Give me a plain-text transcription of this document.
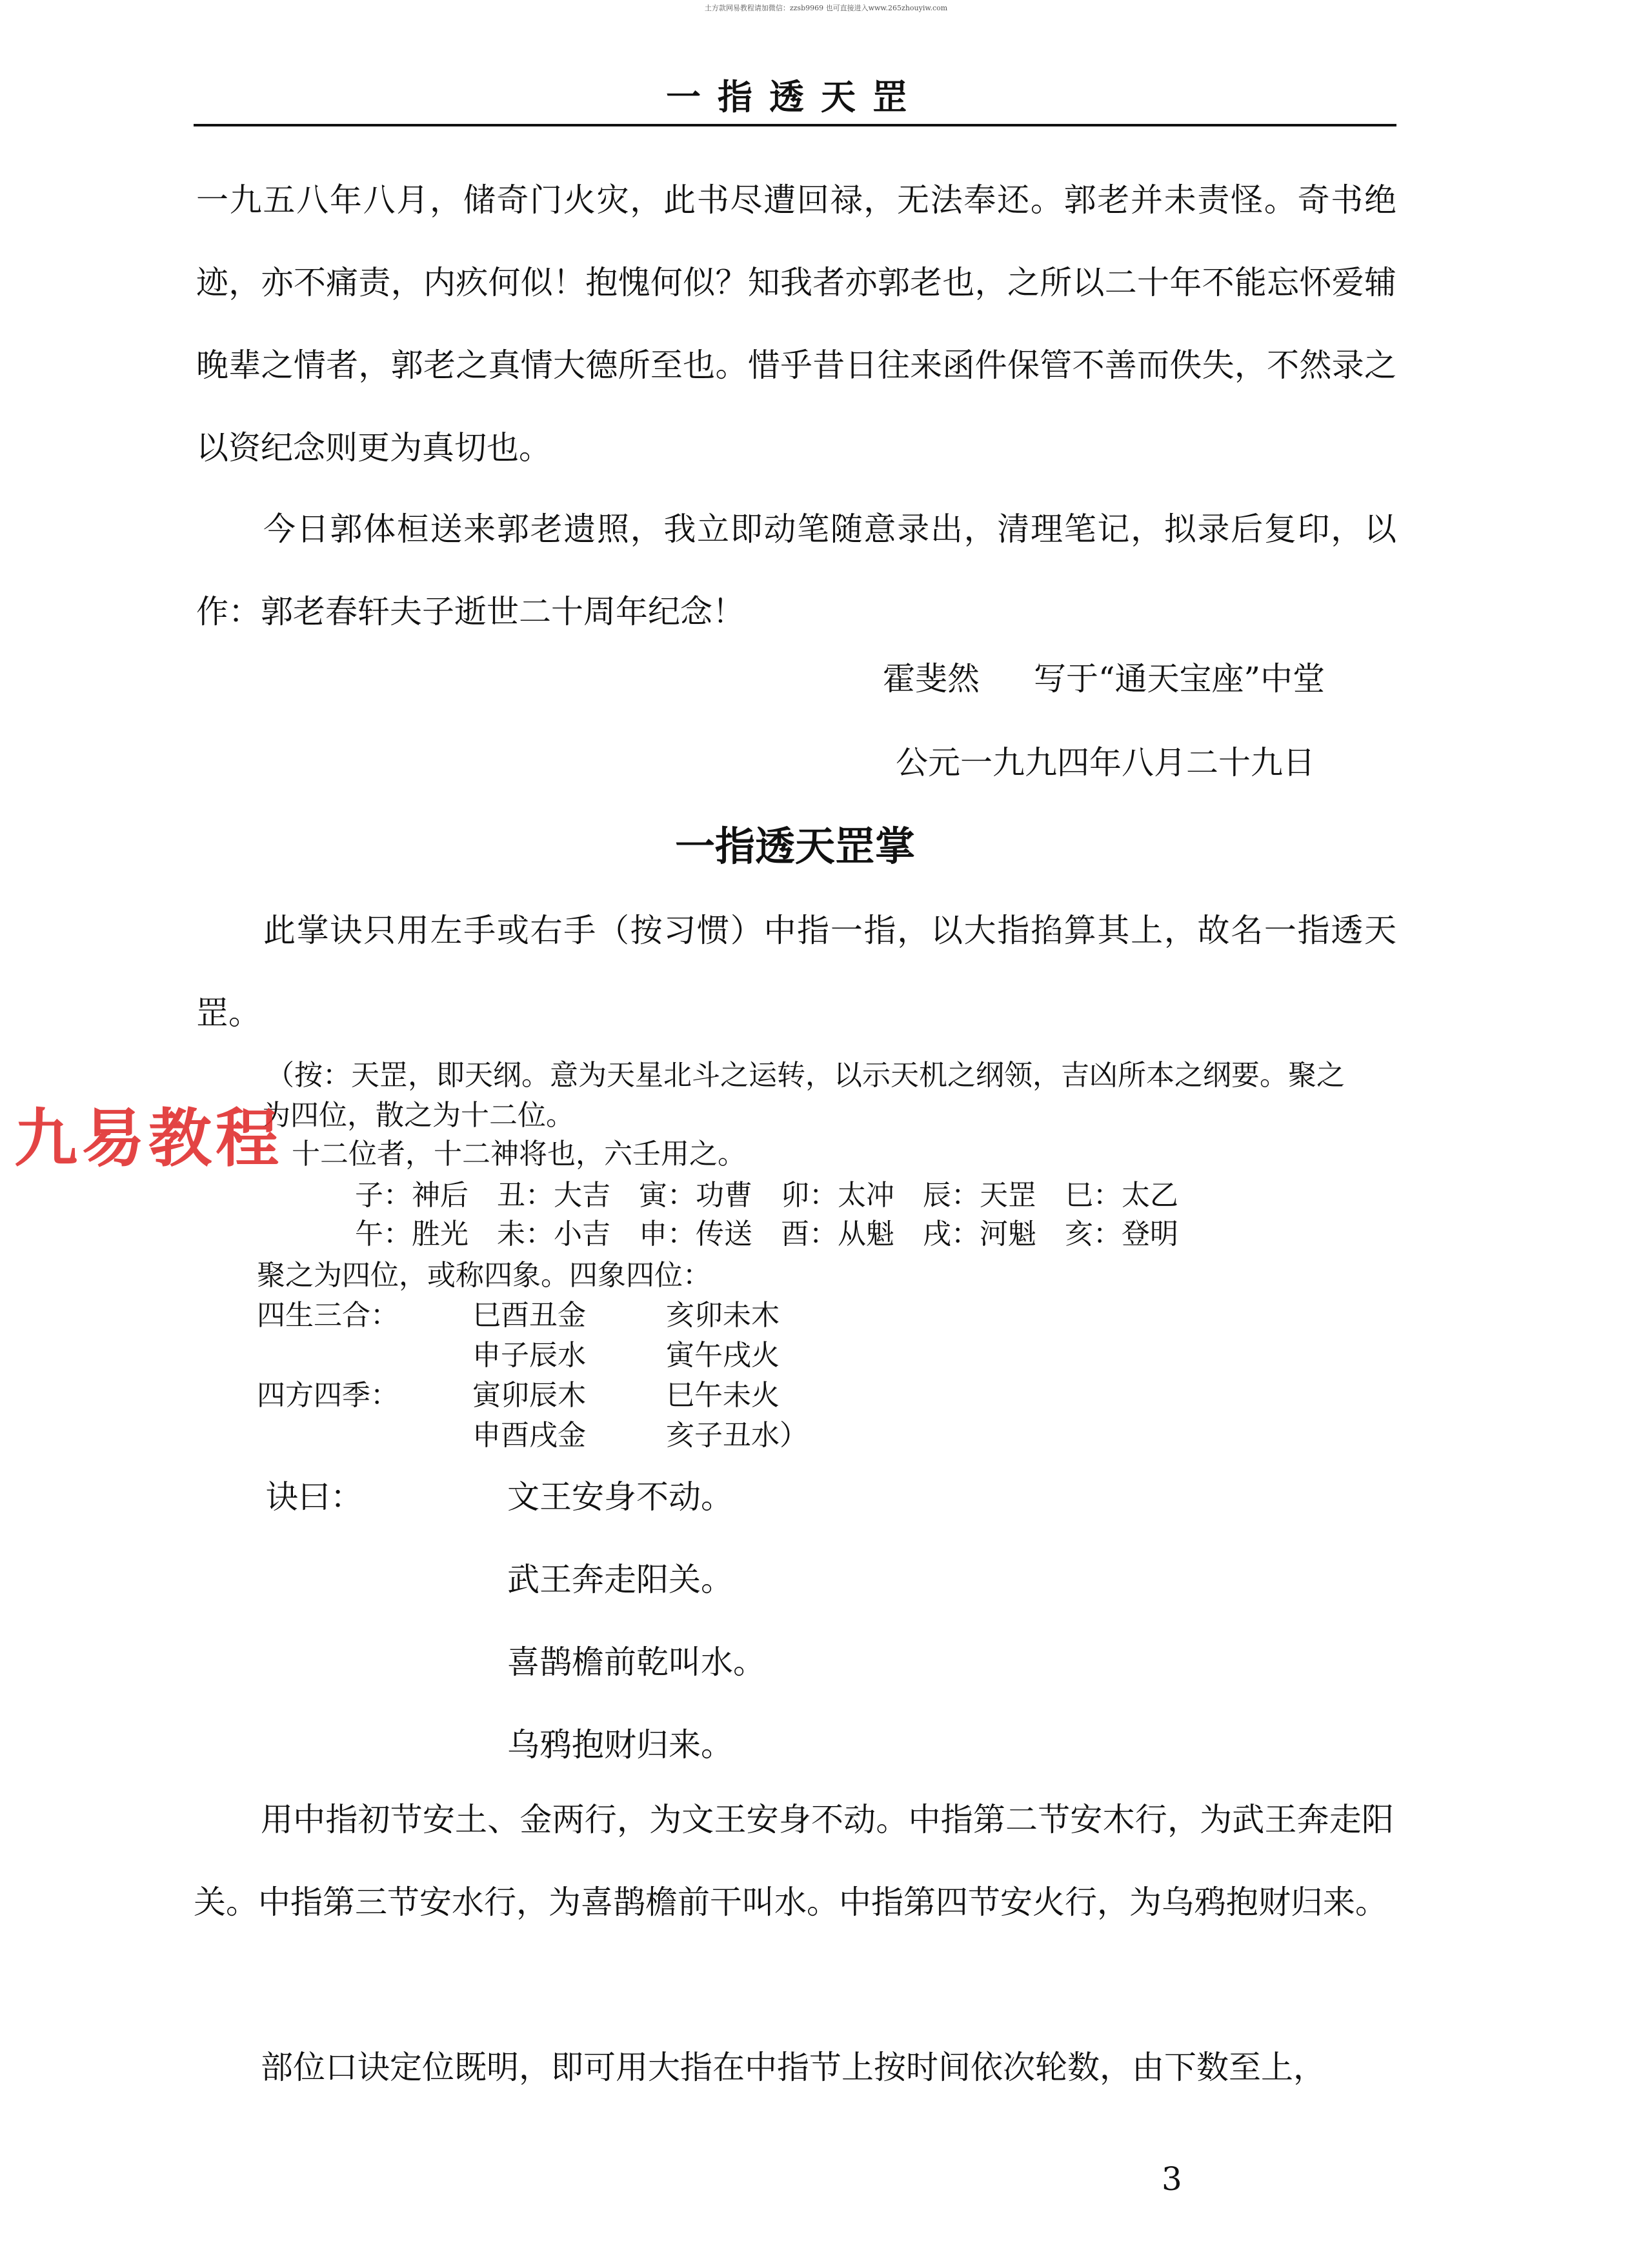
土方款网易教程请加微信：zzsb9969 也可直接进入www.265zhouyiw.com
一指透天罡
一九五八年八月，储奇门火灾，此书尽遭回禄，无法奉还。郭老并未责怪。奇书绝迹，亦不痛责，内疚何似！抱愧何似？知我者亦郭老也，之所以二十年不能忘怀爱辅晚辈之情者，郭老之真情大德所至也。惜乎昔日往来函件保管不善而佚失，不然录之以资纪念则更为真切也。
今日郭体桓送来郭老遗照，我立即动笔随意录出，清理笔记，拟录后复印，以作：郭老春轩夫子逝世二十周年纪念！
霍斐然 写于“通天宝座”中堂
公元一九九四年八月二十九日
一指透天罡掌
此掌诀只用左手或右手（按习惯）中指一指，以大指掐算其上，故名一指透天罡。
（按：天罡，即天纲。意为天星北斗之运转，以示天机之纲领，吉凶所本之纲要。聚之
为四位，散之为十二位。
十二位者，十二神将也，六壬用之。
子：神后　丑：大吉　寅：功曹　卯：太冲　辰：天罡　巳：太乙
午：胜光　未：小吉　申：传送　酉：从魁　戌：河魁　亥：登明
聚之为四位，或称四象。四象四位：
四生三合：	巳酉丑金	亥卯未木
申子辰水	寅午戌火
四方四季：	寅卯辰木	巳午未火
申酉戌金	亥子丑水）
诀曰：	文王安身不动。
武王奔走阳关。
喜鹊檐前乾叫水。
乌鸦抱财归来。
用中指初节安土、金两行，为文王安身不动。中指第二节安木行，为武王奔走阳关。中指第三节安水行，为喜鹊檐前干叫水。中指第四节安火行，为乌鸦抱财归来。
部位口诀定位既明，即可用大指在中指节上按时间依次轮数，由下数至上，
3
九易教程
